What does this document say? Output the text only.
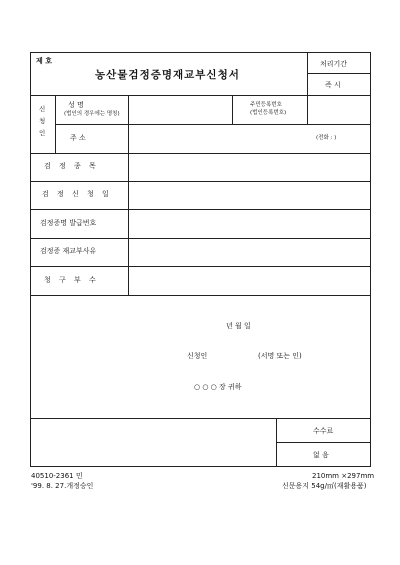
제 호
농산물검정증명재교부신청서
처리기간
즉 시
신
청
인
성 명
(법인의 경우에는 명칭)
주민등록번호
(법인등록번호)
주 소	(전화 : )
검 정 종 목
검 정 신 청 일
검정증명 발급번호
검정증 재교부사유
청 구 부 수
년 월 일
신청인	(서명 또는 인)
○ ○ ○ 장 귀하
수수료
없 음
40510-2361 민
'99. 8. 27.개정승인
210mm ×297mm
신문용지 54g/㎡(재활용품)
